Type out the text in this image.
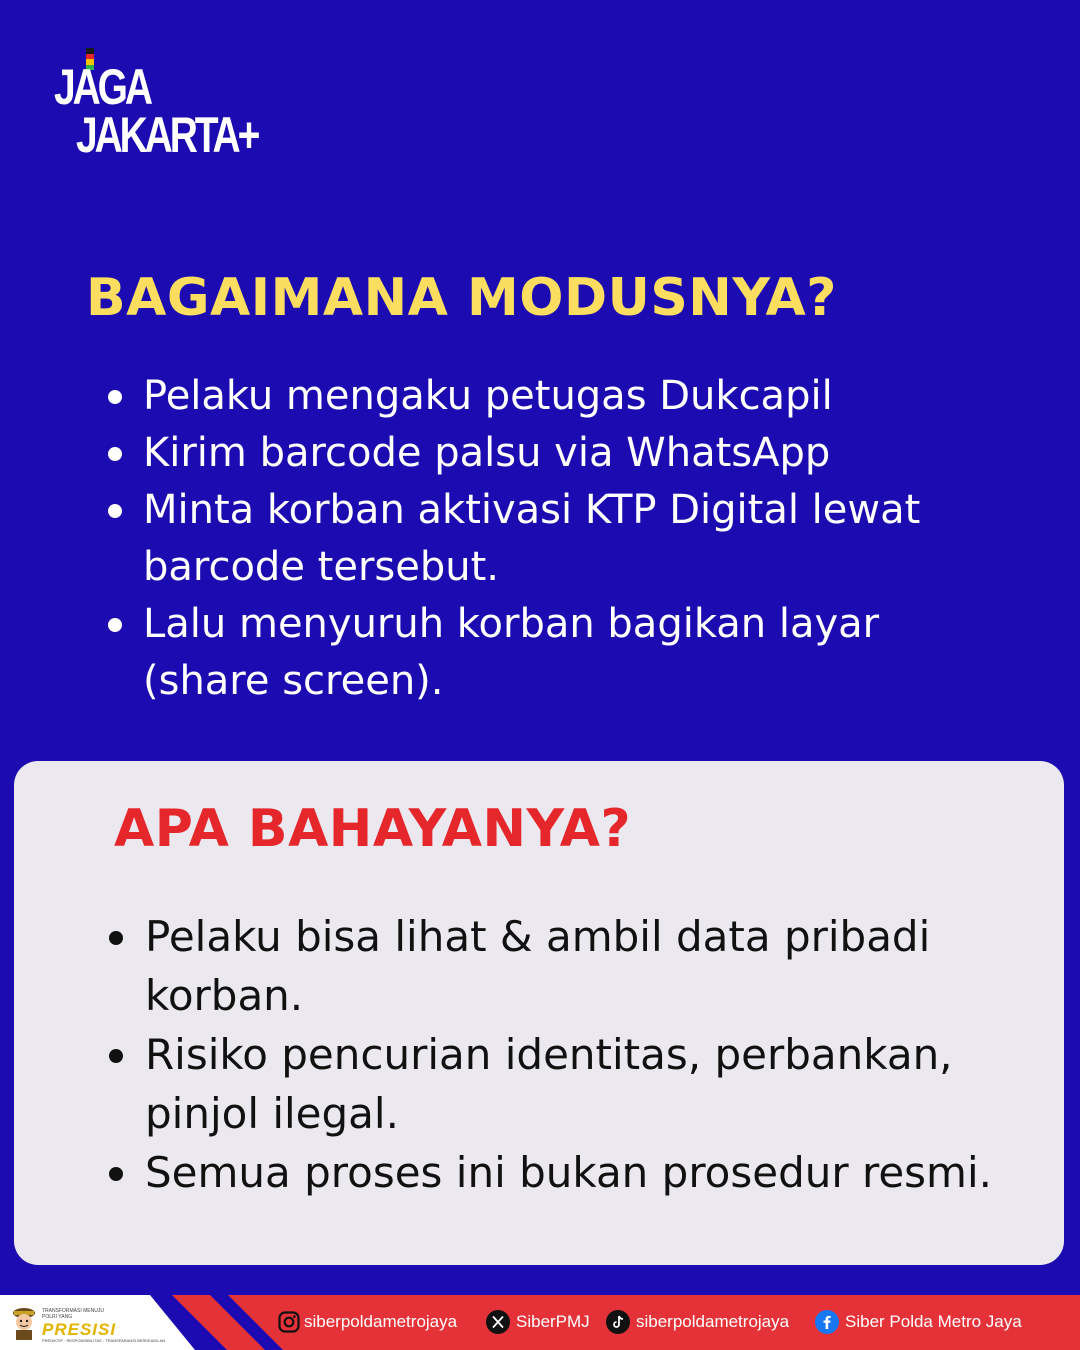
JAGA
JAKARTA+
BAGAIMANA MODUSNYA?
Pelaku mengaku petugas Dukcapil
Kirim barcode palsu via WhatsApp
Minta korban aktivasi KTP Digital lewat barcode tersebut.
Lalu menyuruh korban bagikan layar (share screen).
APA BAHAYANYA?
Pelaku bisa lihat & ambil data pribadi korban.
Risiko pencurian identitas, perbankan, pinjol ilegal.
Semua proses ini bukan prosedur resmi.
TRANSFORMASI MENUJU POLRI YANG
PRESISI
PREDIKTIF · RESPONSIBILITAS · TRANSPARANSI BERKEADILAN
siberpoldametrojaya	SiberPMJ	siberpoldametrojaya	Siber Polda Metro Jaya
